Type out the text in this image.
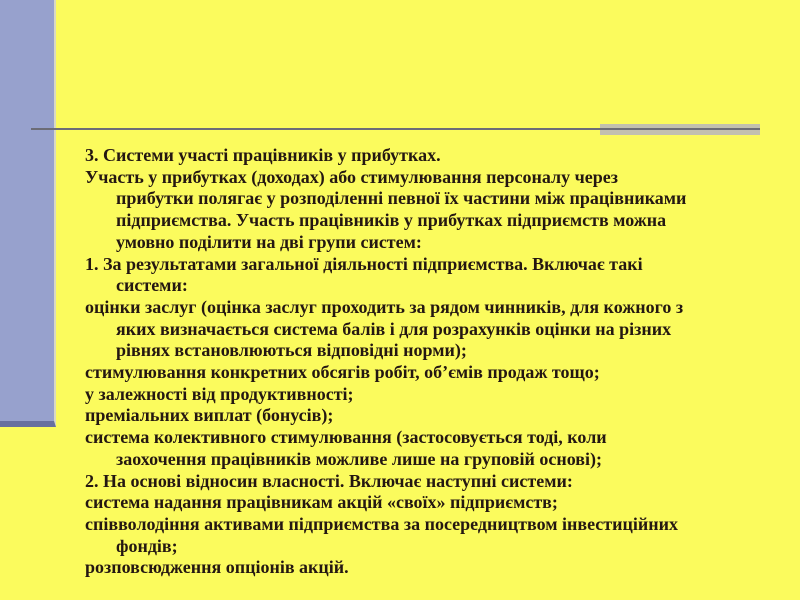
3. Системи участі працівників у прибутках.
Участь у прибутках (доходах) або стимулювання персоналу через
прибутки полягає у розподіленні певної їх частини між працівниками
підприємства. Участь працівників у прибутках підприємств можна
умовно поділити на дві групи систем:
1. За результатами загальної діяльності підприємства. Включає такі
системи:
оцінки заслуг (оцінка заслуг проходить за рядом чинників, для кожного з
яких визначається система балів і для розрахунків оцінки на різних
рівнях встановлюються відповідні норми);
стимулювання конкретних обсягів робіт, об’ємів продаж тощо;
у залежності від продуктивності;
преміальних виплат (бонусів);
система колективного стимулювання (застосовується тоді, коли
заохочення працівників можливе лише на груповій основі);
2. На основі відносин власності. Включає наступні системи:
система надання працівникам акцій «своїх» підприємств;
співволодіння активами підприємства за посередництвом інвестиційних
фондів;
розповсюдження опціонів акцій.
